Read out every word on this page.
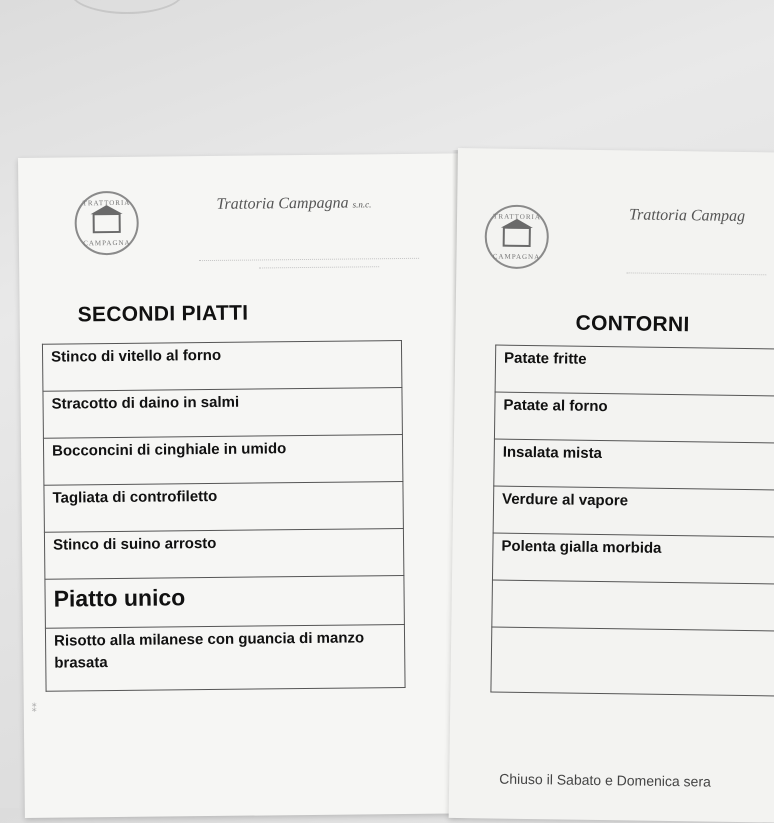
TRATTORIA
CAMPAGNA
Trattoria Campagna s.n.c.
SECONDI PIATTI
Stinco di vitello al forno
Stracotto di daino in salmi
Bocconcini di cinghiale in umido
Tagliata di controfiletto
Stinco di suino arrosto
Piatto unico
Risotto alla milanese con guancia di manzo brasata
⁑
TRATTORIA
CAMPAGNA
Trattoria Campag
CONTORNI
Patate fritte
Patate al forno
Insalata mista
Verdure al vapore
Polenta gialla morbida

Chiuso il Sabato e Domenica sera
